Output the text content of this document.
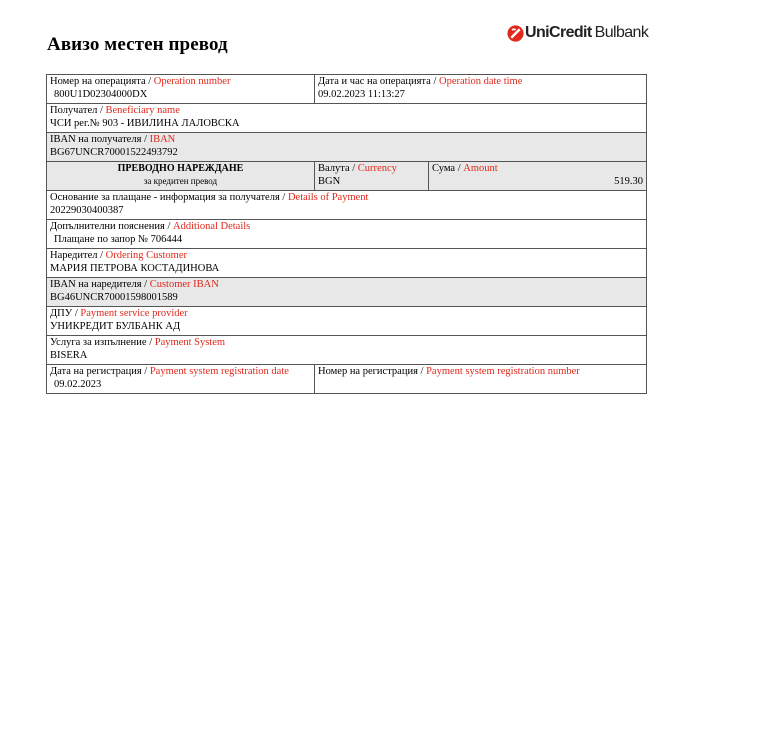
Авизо местен превод
Uni Credit Bulbank
Номер на операцията / Operation number
800U1D02304000DX
Дата и час на операцията / Operation date time
09.02.2023 11:13:27
Получател / Beneficiary name
ЧСИ рег.№ 903 - ИВИЛИНА ЛАЛОВСКА
IBAN на получателя / IBAN
BG67UNCR70001522493792
ПРЕВОДНО НАРЕЖДАНЕ
за кредитен превод
Валута / Currency
BGN
Сума / Amount
519.30
Основание за плащане - информация за получателя / Details of Payment
20229030400387
Допълнителни пояснения / Additional Details
Плащане по запор № 706444
Наредител / Ordering Customer
МАРИЯ ПЕТРОВА КОСТАДИНОВА
IBAN на наредителя / Customer IBAN
BG46UNCR70001598001589
ДПУ / Payment service provider
УНИКРЕДИТ БУЛБАНК АД
Услуга за изпълнение / Payment System
BISERA
Дата на регистрация / Payment system registration date
09.02.2023
Номер на регистрация / Payment system registration number
